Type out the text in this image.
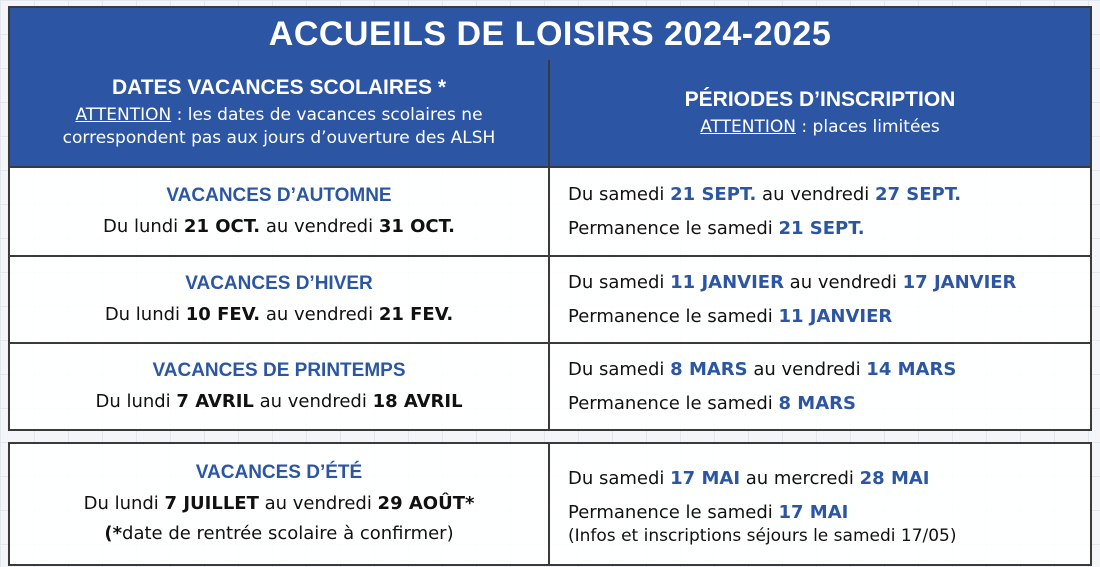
ACCUEILS DE LOISIRS 2024-2025
DATES VACANCES SCOLAIRES *
ATTENTION : les dates de vacances scolaires ne
correspondent pas aux jours d’ouverture des ALSH
PÉRIODES D’INSCRIPTION
ATTENTION : places limitées
VACANCES D’AUTOMNE
Du lundi 21 OCT. au vendredi 31 OCT.
Du samedi 21 SEPT. au vendredi 27 SEPT.
Permanence le samedi 21 SEPT.
VACANCES D’HIVER
Du lundi 10 FEV. au vendredi 21 FEV.
Du samedi 11 JANVIER au vendredi 17 JANVIER
Permanence le samedi 11 JANVIER
VACANCES DE PRINTEMPS
Du lundi 7 AVRIL au vendredi 18 AVRIL
Du samedi 8 MARS au vendredi 14 MARS
Permanence le samedi 8 MARS
VACANCES D’ÉTÉ
Du lundi 7 JUILLET au vendredi 29 AOÛT*
(*date de rentrée scolaire à confirmer)
Du samedi 17 MAI au mercredi 28 MAI
Permanence le samedi 17 MAI
(Infos et inscriptions séjours le samedi 17/05)
